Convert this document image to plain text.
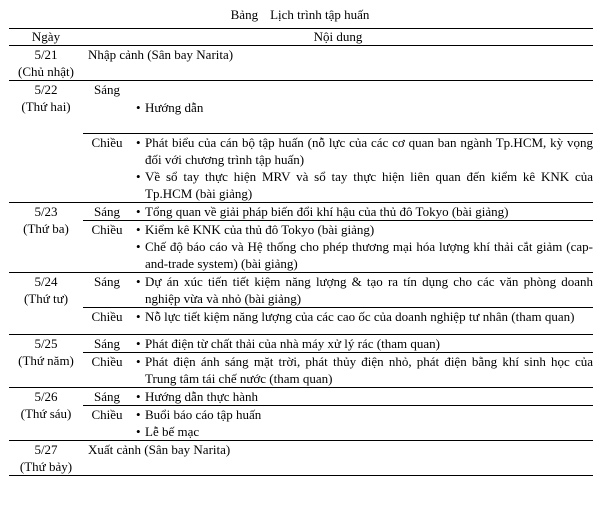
Bảng Lịch trình tập huấn
Ngày	Nội dung	

5/21
(Chủ nhật)	Nhập cảnh (Sân bay Narita)	

5/22
(Thứ hai)	Sáng	• Hướng dẫn

	Chiều	• Phát biểu của cán bộ tập huấn (nỗ lực của các cơ quan ban ngành Tp.HCM, kỳ vọng đối với chương trình tập huấn)
• Về sổ tay thực hiện MRV và sổ tay thực hiện liên quan đến kiểm kê KNK của Tp.HCM (bài giảng)

5/23
(Thứ ba)	Sáng	• Tổng quan về giải pháp biến đổi khí hậu của thủ đô Tokyo (bài giảng)

	Chiều	• Kiểm kê KNK của thủ đô Tokyo (bài giảng)
• Chế độ báo cáo và Hệ thống cho phép thương mại hóa lượng khí thải cắt giảm (cap-and-trade system) (bài giảng)

5/24
(Thứ tư)	Sáng	• Dự án xúc tiến tiết kiệm năng lượng & tạo ra tín dụng cho các văn phòng doanh nghiệp vừa và nhỏ (bài giảng)

	Chiều	• Nỗ lực tiết kiệm năng lượng của các cao ốc của doanh nghiệp tư nhân (tham quan)

5/25
(Thứ năm)	Sáng	• Phát điện từ chất thải của nhà máy xử lý rác (tham quan)

	Chiều	• Phát điện ánh sáng mặt trời, phát thủy điện nhỏ, phát điện bằng khí sinh học của Trung tâm tái chế nước (tham quan)

5/26
(Thứ sáu)	Sáng	• Hướng dẫn thực hành

	Chiều	• Buổi báo cáo tập huấn
• Lễ bế mạc

5/27
(Thứ bảy)	Xuất cảnh (Sân bay Narita)	
